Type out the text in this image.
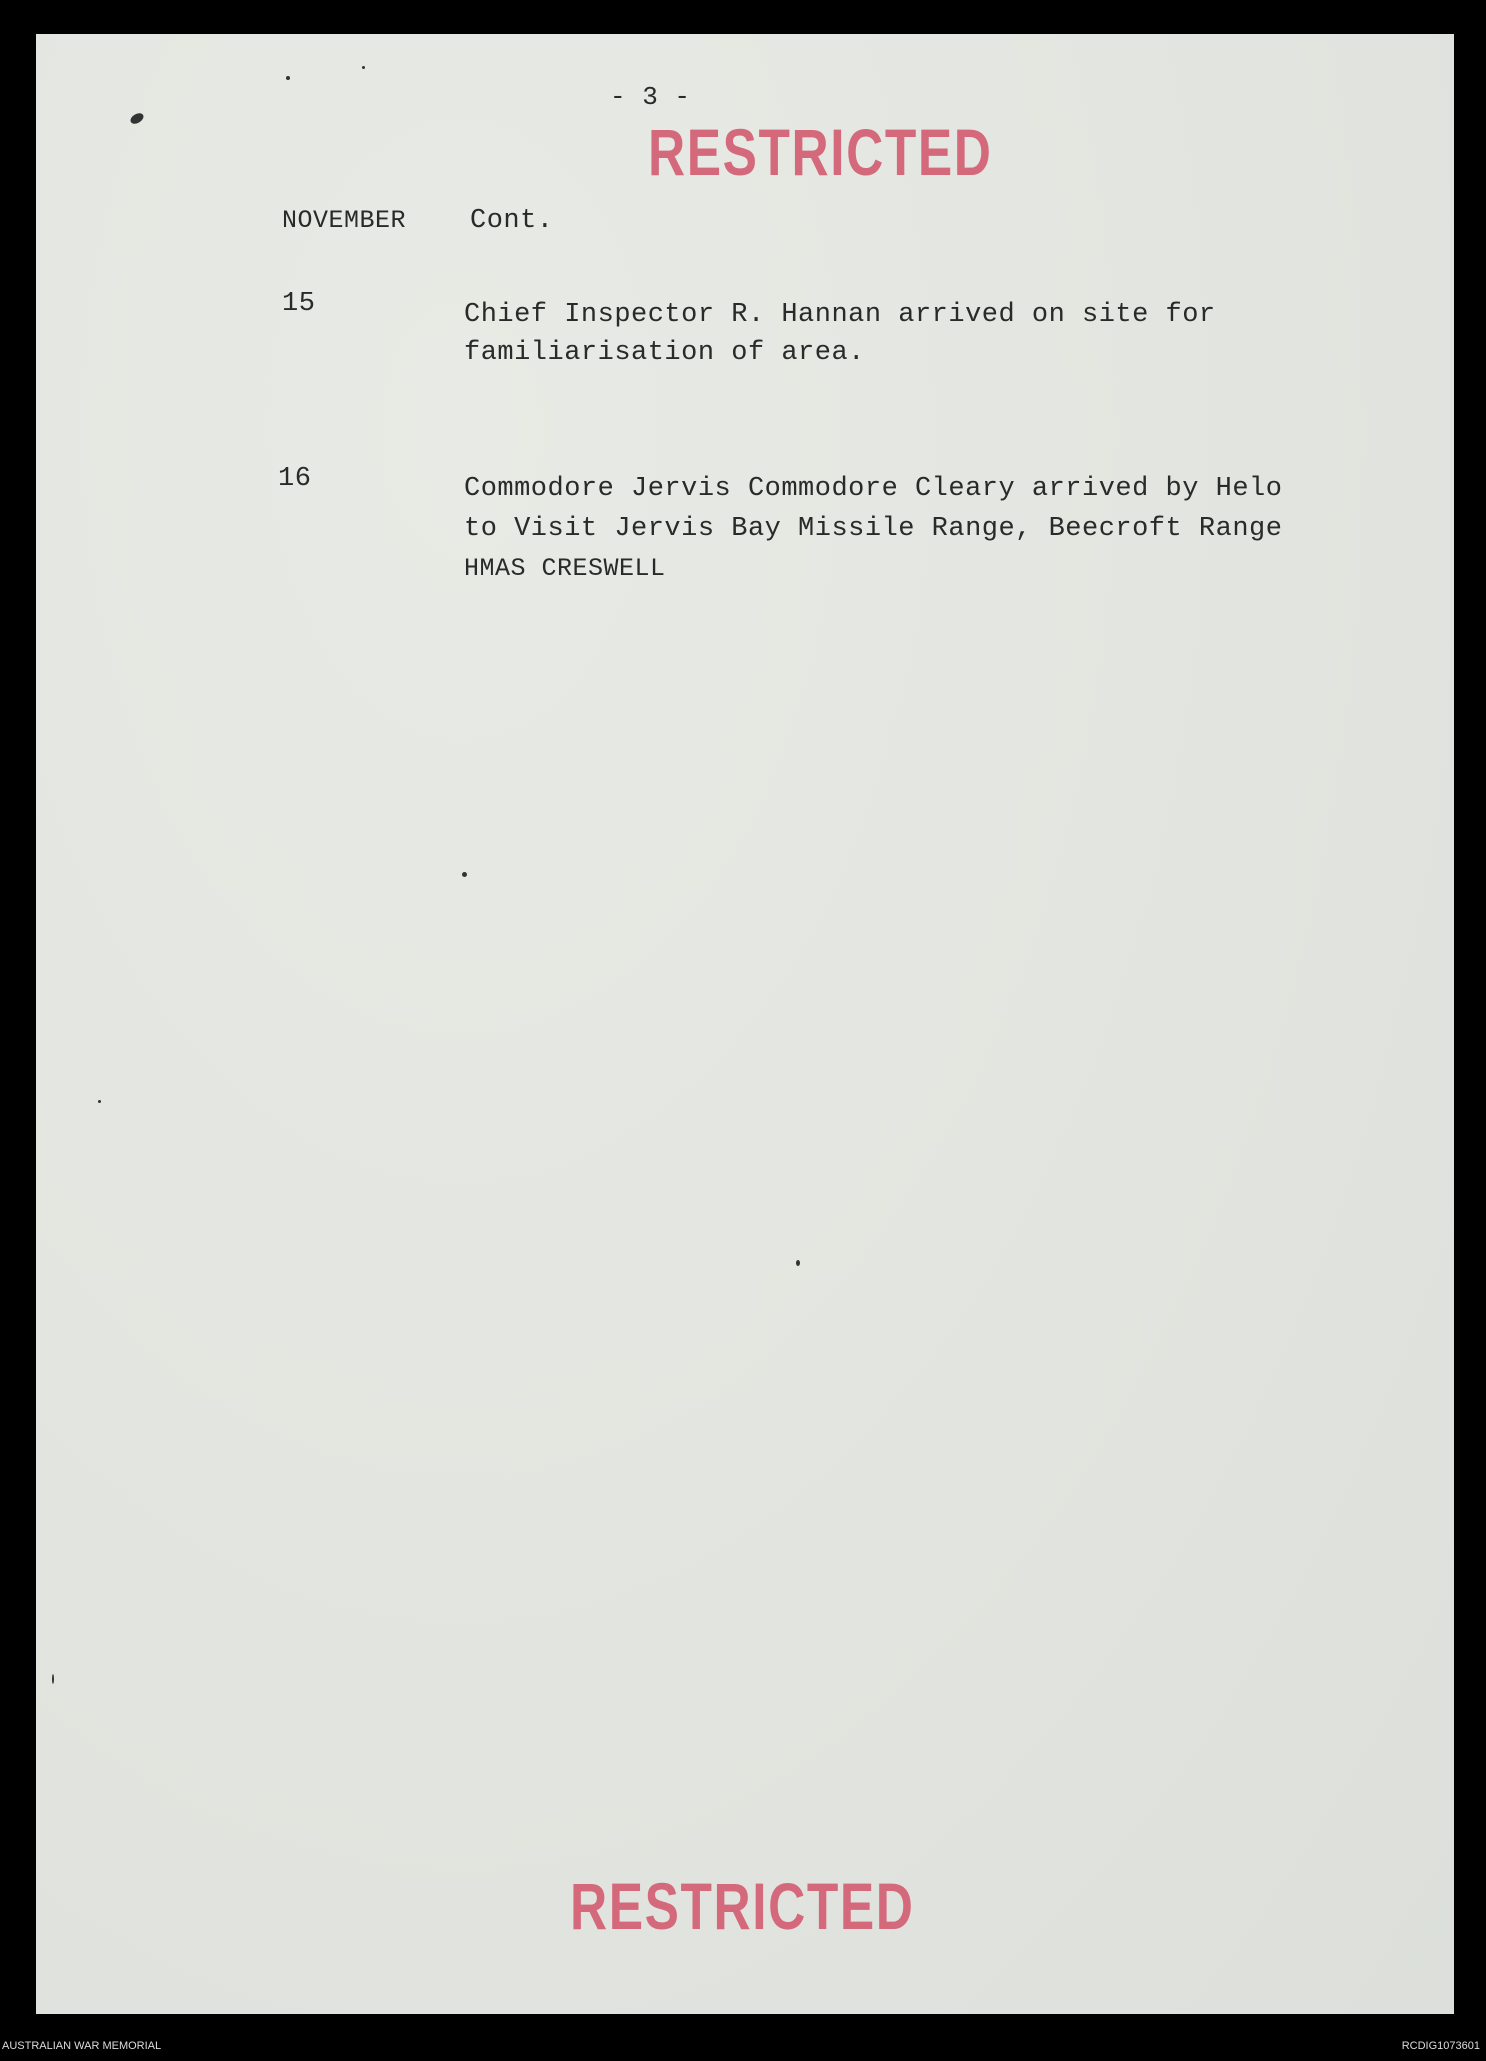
- 3 -
RESTRICTED
NOVEMBER Cont.
15	Chief Inspector R. Hannan arrived on site for
familiarisation of area.
16	Commodore Jervis Commodore Cleary arrived by Helo
to Visit Jervis Bay Missile Range, Beecroft Range
HMAS CRESWELL
RESTRICTED
AUSTRALIAN WAR MEMORIAL	RCDIG1073601
